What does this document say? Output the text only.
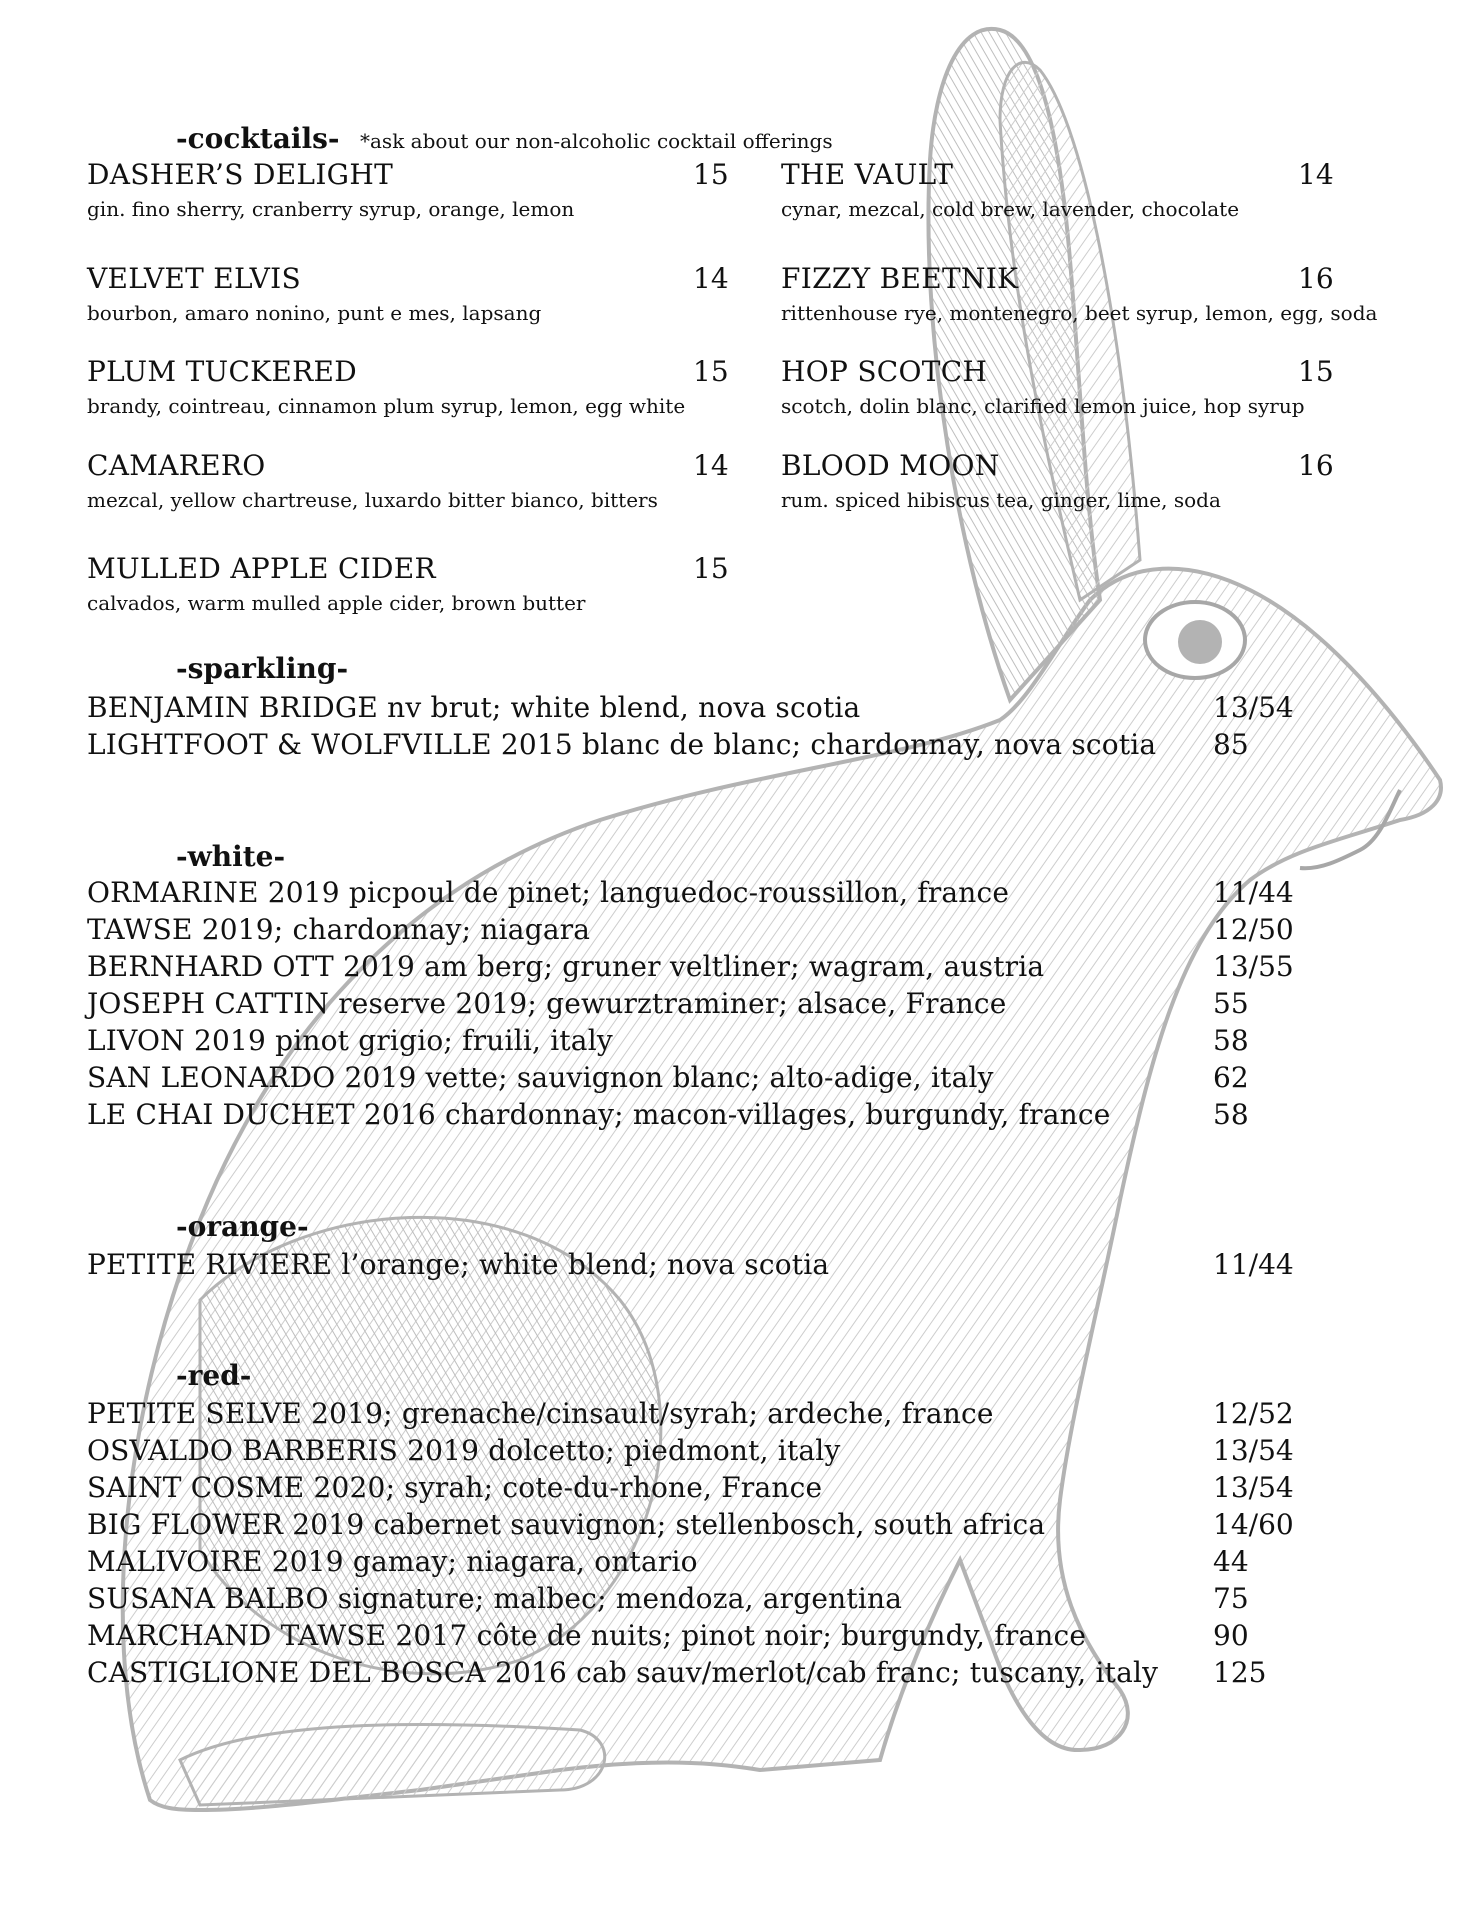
-cocktails- *ask about our non-alcoholic cocktail offerings
DASHER’S DELIGHT	15
gin. fino sherry, cranberry syrup, orange, lemon
VELVET ELVIS	14
bourbon, amaro nonino, punt e mes, lapsang
PLUM TUCKERED	15
brandy, cointreau, cinnamon plum syrup, lemon, egg white
CAMARERO	14
mezcal, yellow chartreuse, luxardo bitter bianco, bitters
MULLED APPLE CIDER	15
calvados, warm mulled apple cider, brown butter
THE VAULT	14
cynar, mezcal, cold brew, lavender, chocolate
FIZZY BEETNIK	16
rittenhouse rye, montenegro, beet syrup, lemon, egg, soda
HOP SCOTCH	15
scotch, dolin blanc, clarified lemon juice, hop syrup
BLOOD MOON	16
rum. spiced hibiscus tea, ginger, lime, soda
-sparkling-
BENJAMIN BRIDGE nv brut; white blend, nova scotia	13/54
LIGHTFOOT & WOLFVILLE 2015 blanc de blanc; chardonnay, nova scotia 85
-white-
ORMARINE 2019 picpoul de pinet; languedoc-roussillon, france	11/44
TAWSE 2019; chardonnay; niagara	12/50
BERNHARD OTT 2019 am berg; gruner veltliner; wagram, austria	13/55
JOSEPH CATTIN reserve 2019; gewurztraminer; alsace, France	55
LIVON 2019 pinot grigio; fruili, italy	58
SAN LEONARDO 2019 vette; sauvignon blanc; alto-adige, italy	62
LE CHAI DUCHET 2016 chardonnay; macon-villages, burgundy, france	58
-orange-
PETITE RIVIERE l’orange; white blend; nova scotia	11/44
-red-
PETITE SELVE 2019; grenache/cinsault/syrah; ardeche, france	12/52
OSVALDO BARBERIS 2019 dolcetto; piedmont, italy	13/54
SAINT COSME 2020; syrah; cote-du-rhone, France	13/54
BIG FLOWER 2019 cabernet sauvignon; stellenbosch, south africa	14/60
MALIVOIRE 2019 gamay; niagara, ontario	44
SUSANA BALBO signature; malbec; mendoza, argentina	75
MARCHAND TAWSE 2017 côte de nuits; pinot noir; burgundy, france	90
CASTIGLIONE DEL BOSCA 2016 cab sauv/merlot/cab franc; tuscany, italy 125
